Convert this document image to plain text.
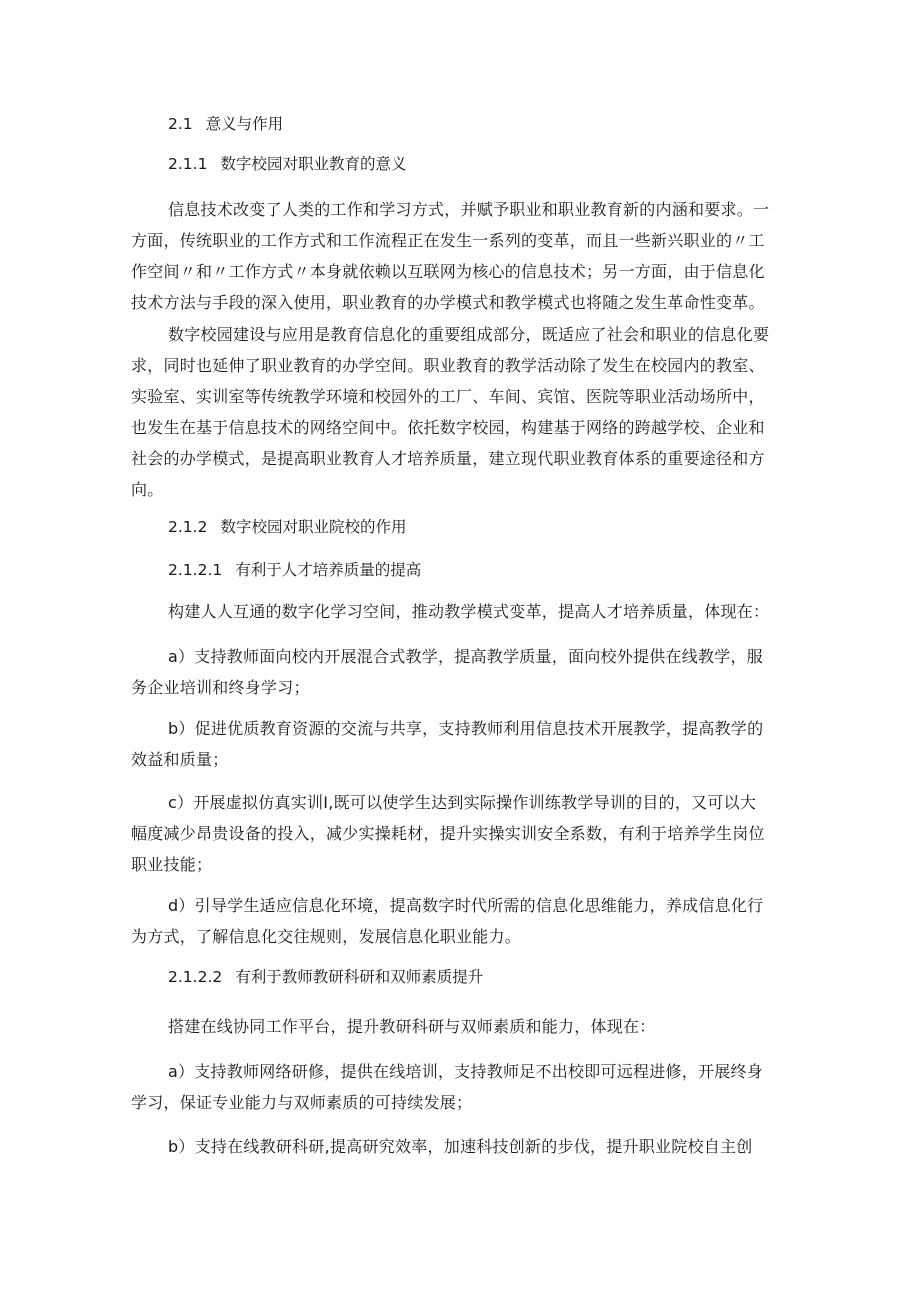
2.1 意义与作用

2.1.1 数字校园对职业教育的意义

信息技术改变了人类的工作和学习方式，并赋予职业和职业教育新的内涵和要求。一
方面，传统职业的工作方式和工作流程正在发生一系列的变革，而且一些新兴职业的〃工
作空间〃和〃工作方式〃本身就依赖以互联网为核心的信息技术；另一方面，由于信息化
技术方法与手段的深入使用，职业教育的办学模式和教学模式也将随之发生革命性变革。
数字校园建设与应用是教育信息化的重要组成部分，既适应了社会和职业的信息化要
求，同时也延伸了职业教育的办学空间。职业教育的教学活动除了发生在校园内的教室、
实验室、实训室等传统教学环境和校园外的工厂、车间、宾馆、医院等职业活动场所中，
也发生在基于信息技术的网络空间中。依托数字校园，构建基于网络的跨越学校、企业和
社会的办学模式，是提高职业教育人才培养质量，建立现代职业教育体系的重要途径和方
向。

2.1.2 数字校园对职业院校的作用

2.1.2.1 有利于人才培养质量的提高

构建人人互通的数字化学习空间，推动教学模式变革，提高人才培养质量，体现在：
a）支持教师面向校内开展混合式教学，提高教学质量，面向校外提供在线教学，服
务企业培训和终身学习；
b）促进优质教育资源的交流与共享，支持教师利用信息技术开展教学，提高教学的
效益和质量；
c）开展虚拟仿真实训I,既可以使学生达到实际操作训练教学导训的目的，又可以大
幅度减少昂贵设备的投入，减少实操耗材，提升实操实训安全系数，有利于培养学生岗位
职业技能；
d）引导学生适应信息化环境，提高数字时代所需的信息化思维能力，养成信息化行
为方式，了解信息化交往规则，发展信息化职业能力。

2.1.2.2 有利于教师教研科研和双师素质提升

搭建在线协同工作平台，提升教研科研与双师素质和能力，体现在：
a）支持教师网络研修，提供在线培训，支持教师足不出校即可远程进修，开展终身
学习，保证专业能力与双师素质的可持续发展；
b）支持在线教研科研,提高研究效率，加速科技创新的步伐，提升职业院校自主创
